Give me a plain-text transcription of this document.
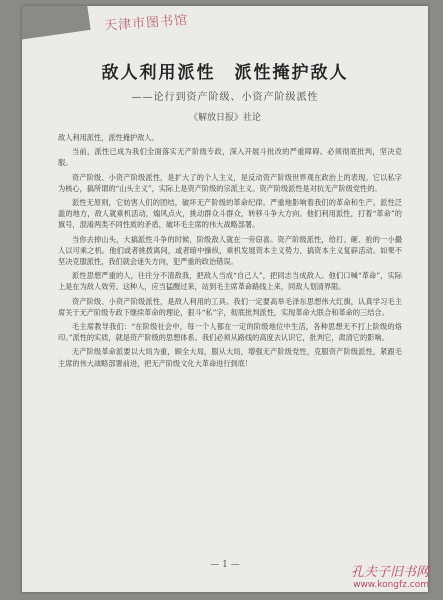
天津市图书馆
敌人利用派性　派性掩护敌人
——论行到资产阶级、小资产阶级派性
《解放日报》社论

敌人利用派性，派性掩护敌人。

当前，派性已成为我们全面落实无产阶级专政，深入开展斗批改的严重障碍。必须彻底批判，坚决克服。

资产阶级、小资产阶级派性，是扩大了的个人主义，是反动资产阶级世界观在政治上的表现。它以私字为核心，搞所谓的“山头主义”，实际上是资产阶级的宗派主义。资产阶级派性是对抗无产阶级党性的。

派性无原则，它妨害人们的团结，破坏无产阶级的革命纪律。严重地影响着我们的革命和生产。派性泛滥的地方，敌人就乘机活动，煽风点火，挑动群众斗群众，转移斗争大方向。他们利用派性，打着“革命”的旗号，混淆两类不同性质的矛盾，破坏毛主席的伟大战略部署。

当你去掉山头，大搞派性斗争的时候，阶级敌人就在一旁窃喜。资产阶级派性，给打、砸、抢的一小撮人以可乘之机。他们或者挑拨离间，或者暗中操纵，乘机发展资本主义势力，搞资本主义复辟活动。如果不坚决克服派性，我们就会迷失方向，犯严重的政治错误。

派性思想严重的人，往往分不清敌我，把敌人当成“自己人”，把同志当成敌人。他们口喊“革命”，实际上是在为敌人效劳。这种人，应当猛醒过来，站到毛主席革命路线上来，同敌人划清界限。

资产阶级、小资产阶级派性，是敌人利用的工具。我们一定要高举毛泽东思想伟大红旗，认真学习毛主席关于无产阶级专政下继续革命的理论，狠斗“私”字，彻底批判派性，实现革命大联合和革命的三结合。

毛主席教导我们：“在阶级社会中，每一个人都在一定的阶级地位中生活，各种思想无不打上阶级的烙印。”派性的实质，就是资产阶级的思想体系。我们必须从路线的高度去认识它，批判它，肃清它的影响。

无产阶级革命派要以大局为重，顾全大局，服从大局，增强无产阶级党性，克服资产阶级派性，紧跟毛主席的伟大战略部署前进，把无产阶级文化大革命进行到底！

— 1 —	孔夫子旧书网
www.kongfz.com
